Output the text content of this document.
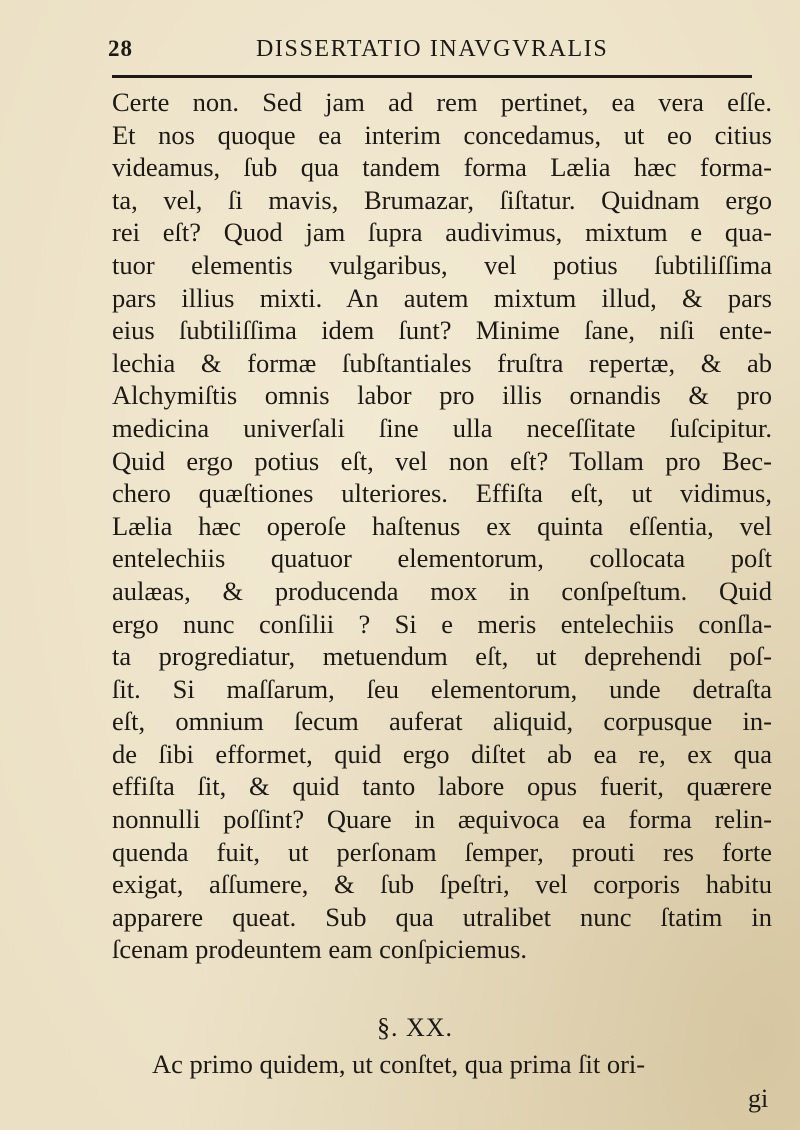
28	DISSERTATIO INAVGVRALIS
Certe non. Sed jam ad rem pertinet, ea vera eſſe.
Et nos quoque ea interim concedamus, ut eo citius
videamus, ſub qua tandem forma Lælia hæc forma-
ta, vel, ſi mavis, Brumazar, ſiſtatur. Quidnam ergo
rei eſt? Quod jam ſupra audivimus, mixtum e qua-
tuor elementis vulgaribus, vel potius ſubtiliſſima
pars illius mixti. An autem mixtum illud, & pars
eius ſubtiliſſima idem ſunt? Minime ſane, niſi ente-
lechia & formæ ſubſtantiales fruſtra repertæ, & ab
Alchymiſtis omnis labor pro illis ornandis & pro
medicina univerſali ſine ulla neceſſitate ſuſcipitur.
Quid ergo potius eſt, vel non eſt? Tollam pro Bec-
chero quæſtiones ulteriores. Effiſta eſt, ut vidimus,
Lælia hæc operoſe haſtenus ex quinta eſſentia, vel
entelechiis quatuor elementorum, collocata poſt
aulæas, & producenda mox in conſpeſtum. Quid
ergo nunc conſilii ? Si e meris entelechiis conſla-
ta progrediatur, metuendum eſt, ut deprehendi poſ-
ſit. Si maſſarum, ſeu elementorum, unde detraſta
eſt, omnium ſecum auferat aliquid, corpusque in-
de ſibi efformet, quid ergo diſtet ab ea re, ex qua
effiſta ſit, & quid tanto labore opus fuerit, quærere
nonnulli poſſint? Quare in æquivoca ea forma relin-
quenda fuit, ut perſonam ſemper, prouti res forte
exigat, aſſumere, & ſub ſpeſtri, vel corporis habitu
apparere queat. Sub qua utralibet nunc ſtatim in
ſcenam prodeuntem eam conſpiciemus.
§. XX.
Ac primo quidem, ut conſtet, qua prima ſit ori-
gi
